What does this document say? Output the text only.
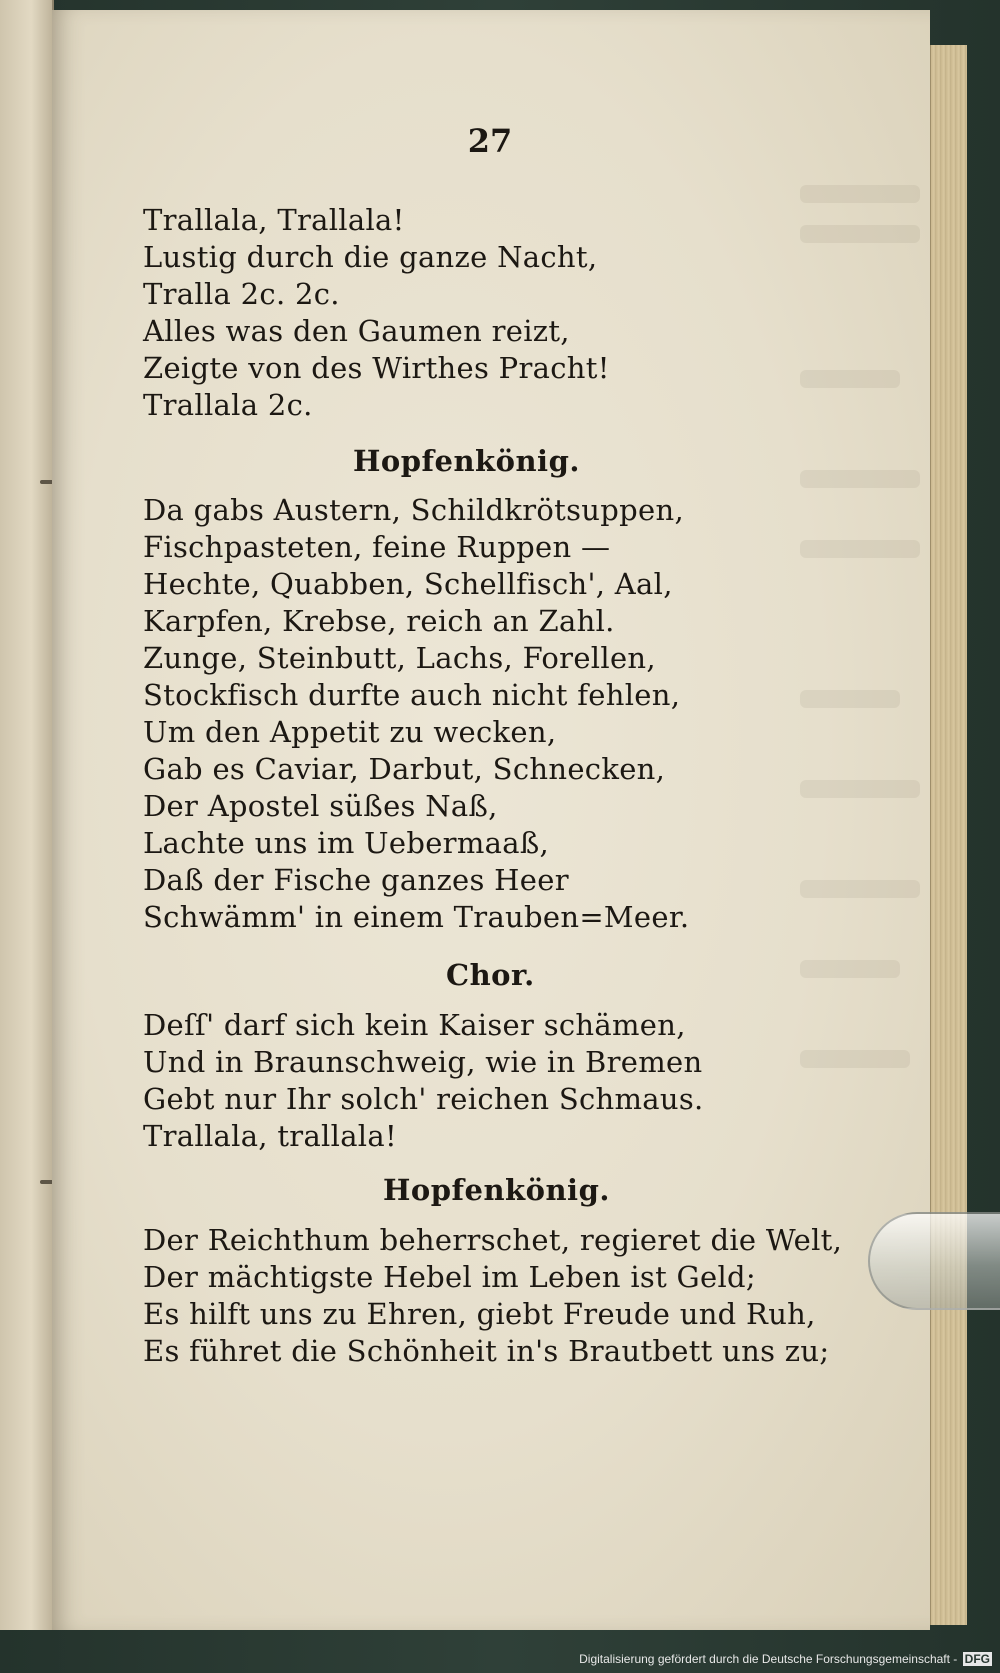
27
Trallala, Trallala!
Lustig durch die ganze Nacht,
Tralla 2c. 2c.
Alles was den Gaumen reizt,
Zeigte von des Wirthes Pracht!
Trallala 2c.
Hopfenkönig.
Da gabs Austern, Schildkrötsuppen,
Fischpasteten, feine Ruppen —
Hechte, Quabben, Schellfisch', Aal,
Karpfen, Krebse, reich an Zahl.
Zunge, Steinbutt, Lachs, Forellen,
Stockfisch durfte auch nicht fehlen,
Um den Appetit zu wecken,
Gab es Caviar, Darbut, Schnecken,
Der Apostel süßes Naß,
Lachte uns im Uebermaaß,
Daß der Fische ganzes Heer
Schwämm' in einem Trauben=Meer.
Chor.
Deſſ' darf sich kein Kaiser schämen,
Und in Braunschweig, wie in Bremen
Gebt nur Ihr solch' reichen Schmaus.
Trallala, trallala!
Hopfenkönig.
Der Reichthum beherrschet, regieret die Welt,
Der mächtigste Hebel im Leben ist Geld;
Es hilft uns zu Ehren, giebt Freude und Ruh,
Es führet die Schönheit in's Brautbett uns zu;
Digitalisierung gefördert durch die Deutsche Forschungsgemeinschaft - DFG
